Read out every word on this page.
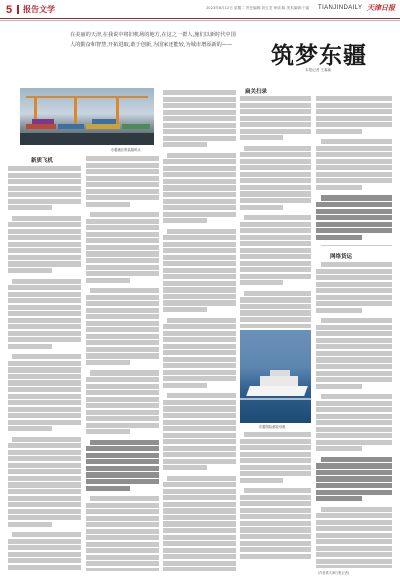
5	报告文学	2023年8月12日 星期二 责任编辑:刘玉龙 审读:陈 美术编辑:于嘉 TIANJINDAILY 天津日报

在美丽的天津,在我说中将旧机场的地方,在这之一群人,施们以新时代中国

人的勤奋和智慧,开拓进取,敢于创新,为国家还能较,为城市增添新的——	筑梦东疆
本报记者 王霖新
东疆港区集装箱码头
东疆国际邮轮母港
新质飞机
扁关扫录
网络货运
(作者系天津日报记者)
